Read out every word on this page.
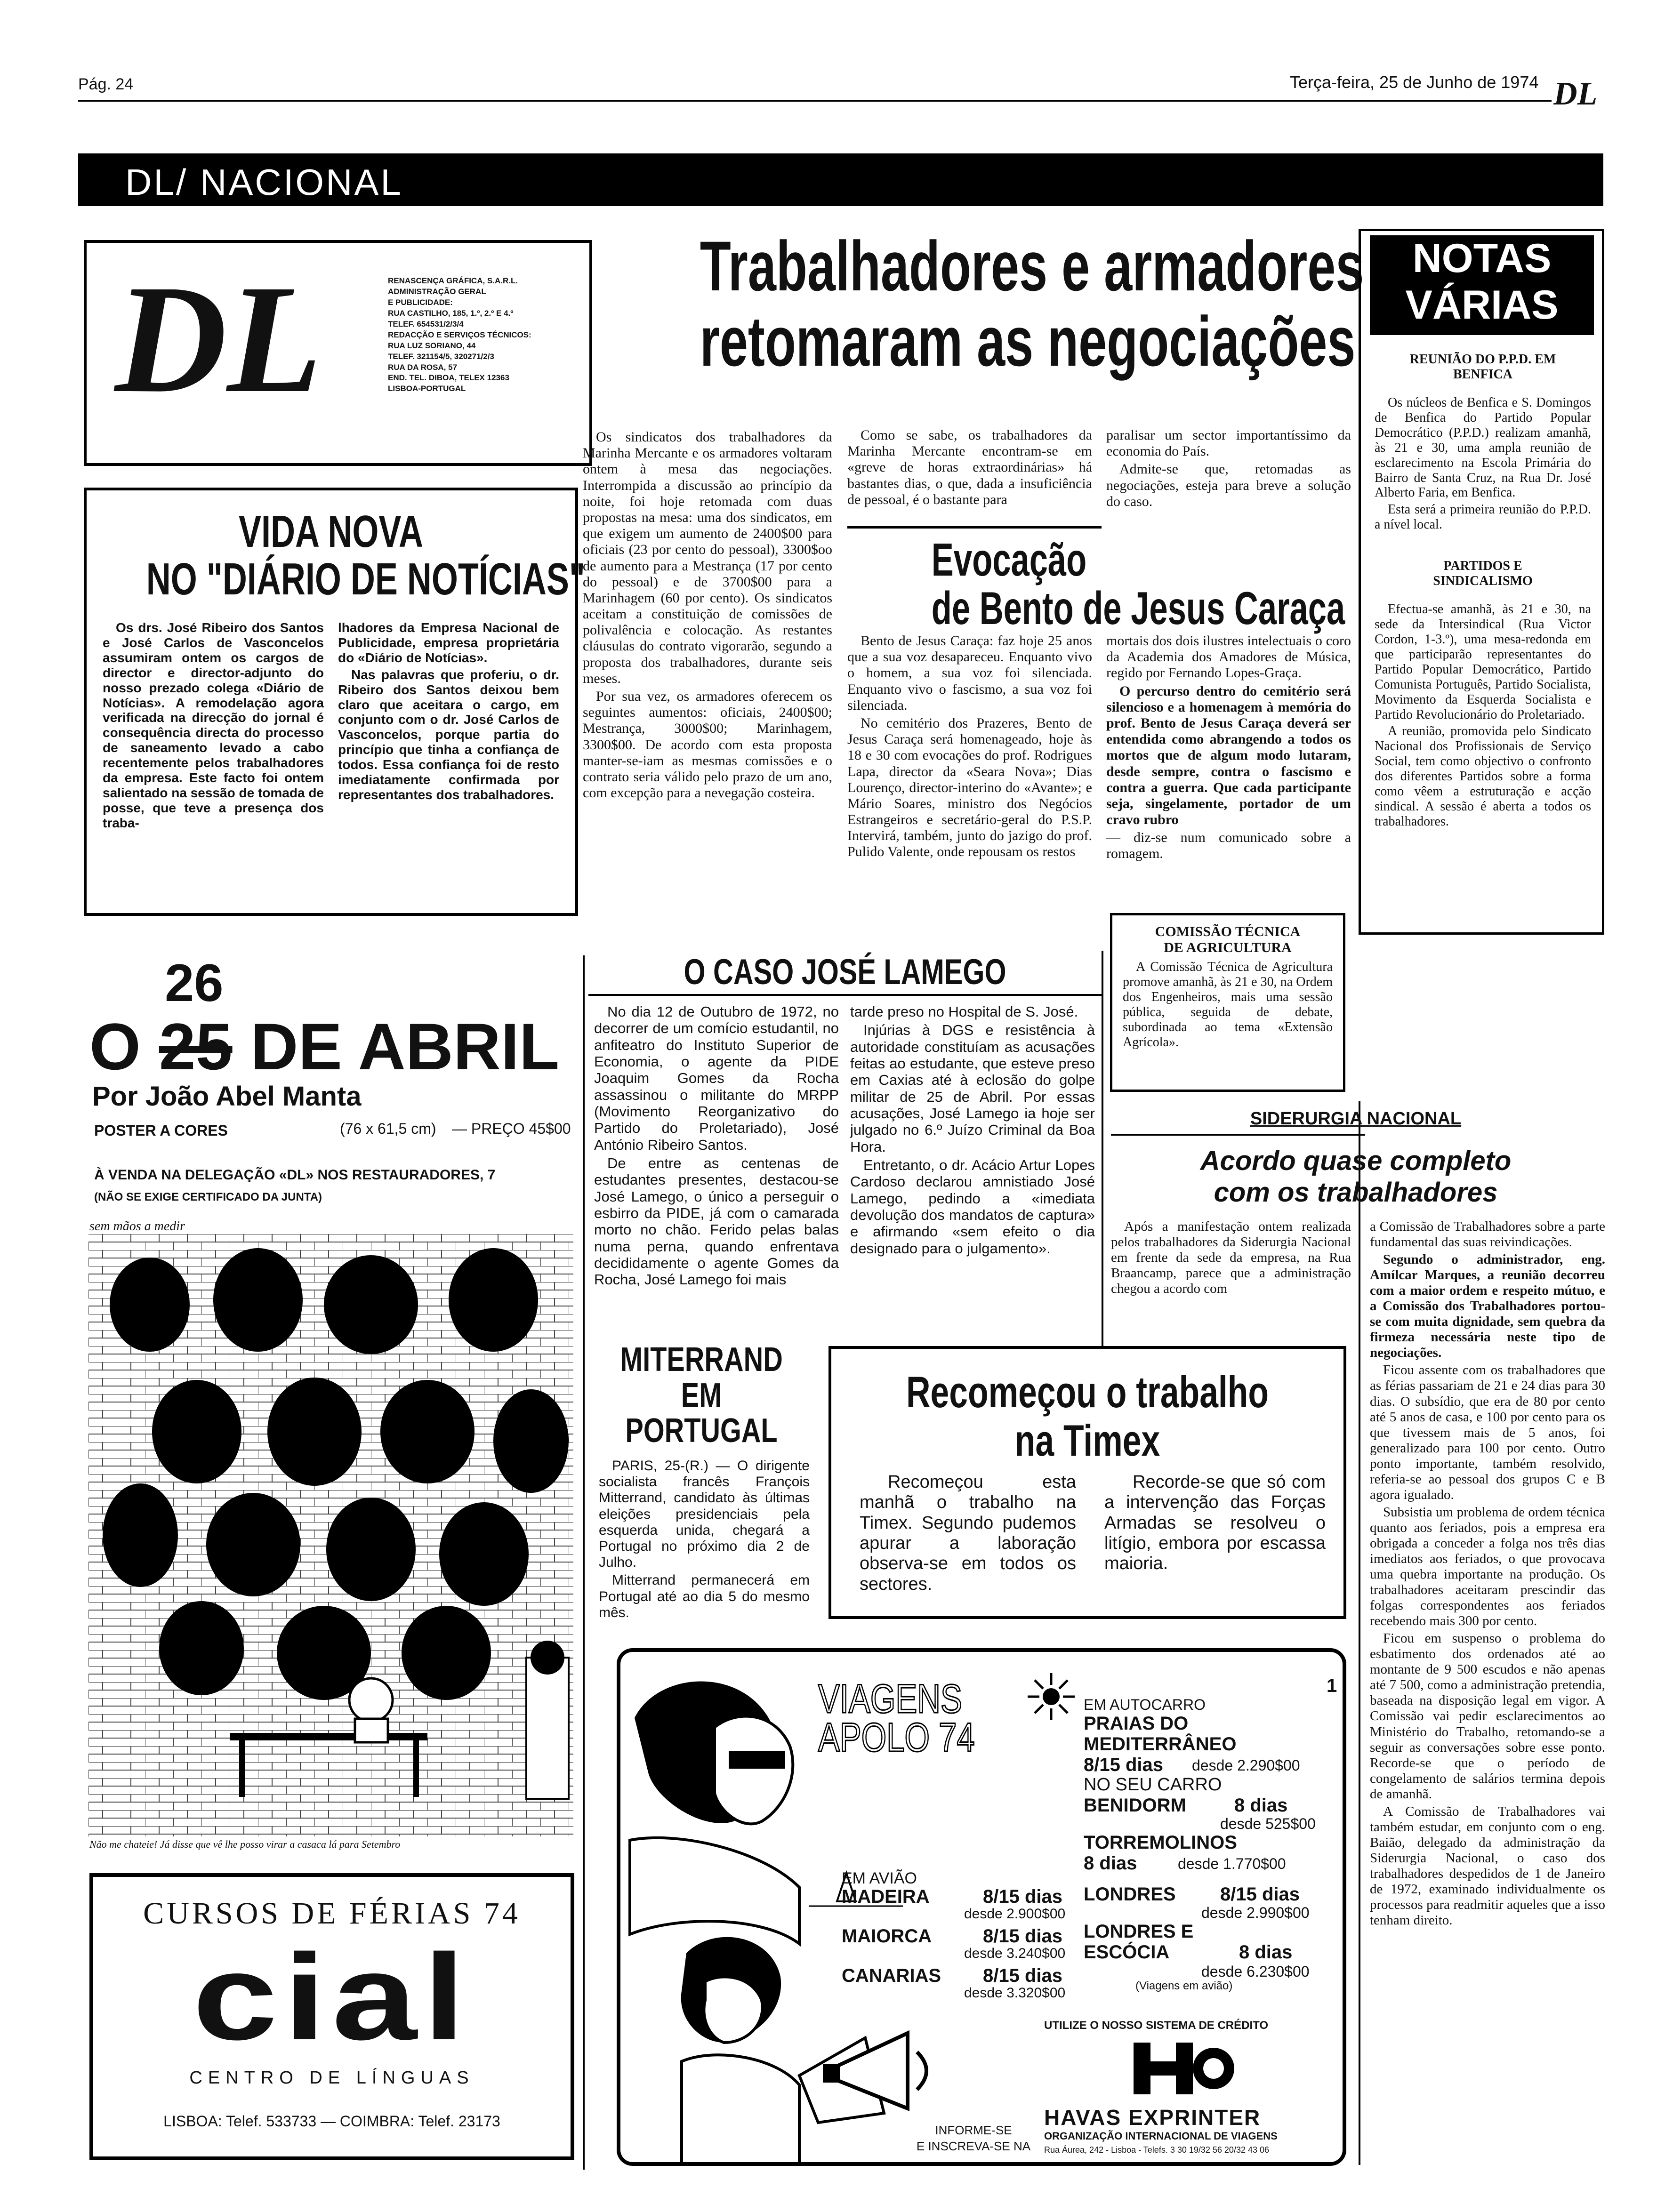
Pág. 24	Terça-feira, 25 de Junho de 1974 DL
DL/ NACIONAL
DL	RENASCENÇA GRÁFICA, S.A.R.L.
ADMINISTRAÇÃO GERAL
E PUBLICIDADE:
RUA CASTILHO, 185, 1.º, 2.º E 4.º
TELEF. 654531/2/3/4
REDACÇÃO E SERVIÇOS TÉCNICOS:
RUA LUZ SORIANO, 44
TELEF. 321154/5, 320271/2/3
RUA DA ROSA, 57
END. TEL. DIBOA, TELEX 12363
LISBOA-PORTUGAL
Trabalhadores e armadores
retomaram as negociações

Os sindicatos dos trabalhadores da Marinha Mercante e os armadores voltaram ontem à mesa das negociações. Interrompida a discussão ao princípio da noite, foi hoje retomada com duas propostas na mesa: uma dos sindicatos, em que exigem um aumento de 2400$00 para oficiais (23 por cento do pessoal), 3300$oo de aumento para a Mestrança (17 por cento do pessoal) e de 3700$00 para a Marinhagem (60 por cento). Os sindicatos aceitam a constituição de comissões de polivalência e colocação. As restantes cláusulas do contrato vigorarão, segundo a proposta dos trabalhadores, durante seis meses.

Por sua vez, os armadores oferecem os seguintes aumentos: oficiais, 2400$00; Mestrança, 3000$00; Marinhagem, 3300$00. De acordo com esta proposta manter-se-iam as mesmas comissões e o contrato seria válido pelo prazo de um ano, com excepção para a nevegação costeira.

Como se sabe, os trabalhadores da Marinha Mercante encontram-se em «greve de horas extraordinárias» há bastantes dias, o que, dada a insuficiência de pessoal, é o bastante para

paralisar um sector importantíssimo da economia do País.

Admite-se que, retomadas as negociações, esteja para breve a solução do caso.

NOTAS
VÁRIAS
REUNIÃO DO P.P.D. EM BENFICA

Os núcleos de Benfica e S. Domingos de Benfica do Partido Popular Democrático (P.P.D.) realizam amanhã, às 21 e 30, uma ampla reunião de esclarecimento na Escola Primária do Bairro de Santa Cruz, na Rua Dr. José Alberto Faria, em Benfica.

Esta será a primeira reunião do P.P.D. a nível local.

PARTIDOS E SINDICALISMO

Efectua-se amanhã, às 21 e 30, na sede da Intersindical (Rua Victor Cordon, 1-3.º), uma mesa-redonda em que participarão representantes do Partido Popular Democrático, Partido Comunista Português, Partido Socialista, Movimento da Esquerda Socialista e Partido Revolucionário do Proletariado.

A reunião, promovida pelo Sindicato Nacional dos Profissionais de Serviço Social, tem como objectivo o confronto dos diferentes Partidos sobre a forma como vêem a estruturação e acção sindical. A sessão é aberta a todos os trabalhadores.

VIDA NOVA
NO "DIÁRIO DE NOTÍCIAS"

Os drs. José Ribeiro dos Santos e José Carlos de Vasconcelos assumiram ontem os cargos de director e director-adjunto do nosso prezado colega «Diário de Notícias». A remodelação agora verificada na direcção do jornal é consequência directa do processo de saneamento levado a cabo recentemente pelos trabalhadores da empresa. Este facto foi ontem salientado na sessão de tomada de posse, que teve a presença dos traba-

lhadores da Empresa Nacional de Publicidade, empresa proprietária do «Diário de Notícias».

Nas palavras que proferiu, o dr. Ribeiro dos Santos deixou bem claro que aceitara o cargo, em conjunto com o dr. José Carlos de Vasconcelos, porque partia do princípio que tinha a confiança de todos. Essa confiança foi de resto imediatamente confirmada por representantes dos trabalhadores.

Evocação
de Bento de Jesus Caraça

Bento de Jesus Caraça: faz hoje 25 anos que a sua voz desapareceu. Enquanto vivo o homem, a sua voz foi silenciada. Enquanto vivo o fascismo, a sua voz foi silenciada.

No cemitério dos Prazeres, Bento de Jesus Caraça será homenageado, hoje às 18 e 30 com evocações do prof. Rodrigues Lapa, director da «Seara Nova»; Dias Lourenço, director-interino do «Avante»; e Mário Soares, ministro dos Negócios Estrangeiros e secretário-geral do P.S.P. Intervirá, também, junto do jazigo do prof. Pulido Valente, onde repousam os restos

mortais dos dois ilustres intelectuais o coro da Academia dos Amadores de Música, regido por Fernando Lopes-Graça.

O percurso dentro do cemitério será silencioso e a homenagem à memória do prof. Bento de Jesus Caraça deverá ser entendida como abrangendo a todos os mortos que de algum modo lutaram, desde sempre, contra o fascismo e contra a guerra. Que cada participante seja, singelamente, portador de um cravo rubro

— diz-se num comunicado sobre a romagem.

COMISSÃO TÉCNICA
DE AGRICULTURA

A Comissão Técnica de Agricultura promove amanhã, às 21 e 30, na Ordem dos Engenheiros, mais uma sessão pública, seguida de debate, subordinada ao tema «Extensão Agrícola».

26
O 25 DE ABRIL
Por João Abel Manta
POSTER A CORES	(76 x 61,5 cm) — PREÇO 45$00
À VENDA NA DELEGAÇÃO «DL» NOS RESTAURADORES, 7
(NÃO SE EXIGE CERTIFICADO DA JUNTA)
sem mãos a medir
Não me chateie! Já disse que vê lhe posso virar a casaca lá para Setembro
O CASO JOSÉ LAMEGO

No dia 12 de Outubro de 1972, no decorrer de um comício estudantil, no anfiteatro do Instituto Superior de Economia, o agente da PIDE Joaquim Gomes da Rocha assassinou o militante do MRPP (Movimento Reorganizativo do Partido do Proletariado), José António Ribeiro Santos.

De entre as centenas de estudantes presentes, destacou-se José Lamego, o único a perseguir o esbirro da PIDE, já com o camarada morto no chão. Ferido pelas balas numa perna, quando enfrentava decididamente o agente Gomes da Rocha, José Lamego foi mais

tarde preso no Hospital de S. José.

Injúrias à DGS e resistência à autoridade constituíam as acusações feitas ao estudante, que esteve preso em Caxias até à eclosão do golpe militar de 25 de Abril. Por essas acusações, José Lamego ia hoje ser julgado no 6.º Juízo Criminal da Boa Hora.

Entretanto, o dr. Acácio Artur Lopes Cardoso declarou amnistiado José Lamego, pedindo a «imediata devolução dos mandatos de captura» e afirmando «sem efeito o dia designado para o julgamento».

SIDERURGIA NACIONAL
Acordo quase completo
com os trabalhadores

Após a manifestação ontem realizada pelos trabalhadores da Siderurgia Nacional em frente da sede da empresa, na Rua Braancamp, parece que a administração chegou a acordo com

a Comissão de Trabalhadores sobre a parte fundamental das suas reivindicações.

Segundo o administrador, eng. Amílcar Marques, a reunião decorreu com a maior ordem e respeito mútuo, e a Comissão dos Trabalhadores portou-se com muita dignidade, sem quebra da firmeza necessária neste tipo de negociações.

Ficou assente com os trabalhadores que as férias passariam de 21 e 24 dias para 30 dias. O subsídio, que era de 80 por cento até 5 anos de casa, e 100 por cento para os que tivessem mais de 5 anos, foi generalizado para 100 por cento. Outro ponto importante, também resolvido, referia-se ao pessoal dos grupos C e B agora igualado.

Subsistia um problema de ordem técnica quanto aos feriados, pois a empresa era obrigada a conceder a folga nos três dias imediatos aos feriados, o que provocava uma quebra importante na produção. Os trabalhadores aceitaram prescindir das folgas correspondentes aos feriados recebendo mais 300 por cento.

Ficou em suspenso o problema do esbatimento dos ordenados até ao montante de 9 500 escudos e não apenas até 7 500, como a administração pretendia, baseada na disposição legal em vigor. A Comissão vai pedir esclarecimentos ao Ministério do Trabalho, retomando-se a seguir as conversações sobre esse ponto. Recorde-se que o período de congelamento de salários termina depois de amanhã.

A Comissão de Trabalhadores vai também estudar, em conjunto com o eng. Baião, delegado da administração da Siderurgia Nacional, o caso dos trabalhadores despedidos de 1 de Janeiro de 1972, examinado individualmente os processos para readmitir aqueles que a isso tenham direito.

MITERRAND
EM
PORTUGAL

PARIS, 25-(R.) — O dirigente socialista francês François Mitterrand, candidato às últimas eleições presidenciais pela esquerda unida, chegará a Portugal no próximo dia 2 de Julho.

Mitterrand permanecerá em Portugal até ao dia 5 do mesmo mês.

Recomeçou o trabalho
na Timex

Recomeçou esta manhã o trabalho na Timex. Segundo pudemos apurar a laboração observa-se em todos os sectores.

Recorde-se que só com a intervenção das Forças Armadas se resolveu o litígio, embora por escassa maioria.

VIAGENS
APOLO 74
EM AVIÃO
MADEIRA	8/15 dias
desde 2.900$00
MAIORCA	8/15 dias
desde 3.240$00
CANARIAS 8/15 dias
desde 3.320$00
INFORME-SE
E INSCREVA-SE NA
EM AUTOCARRO
1
PRAIAS DO MEDITERRÂNEO
8/15 dias desde 2.290$00
NO SEU CARRO
BENIDORM	8 dias
desde 525$00
TORREMOLINOS
8 dias	desde 1.770$00
LONDRES 8/15 dias
desde 2.990$00
LONDRES E ESCÓCIA	8 dias
desde 6.230$00
(Viagens em avião)
UTILIZE O NOSSO SISTEMA DE CRÉDITO
HAVAS EXPRINTER
ORGANIZAÇÃO INTERNACIONAL DE VIAGENS
Rua Áurea, 242 - Lisboa - Telefs. 3 30 19/32 56 20/32 43 06
CURSOS DE FÉRIAS 74
cial
CENTRO DE LÍNGUAS
LISBOA: Telef. 533733 — COIMBRA: Telef. 23173
